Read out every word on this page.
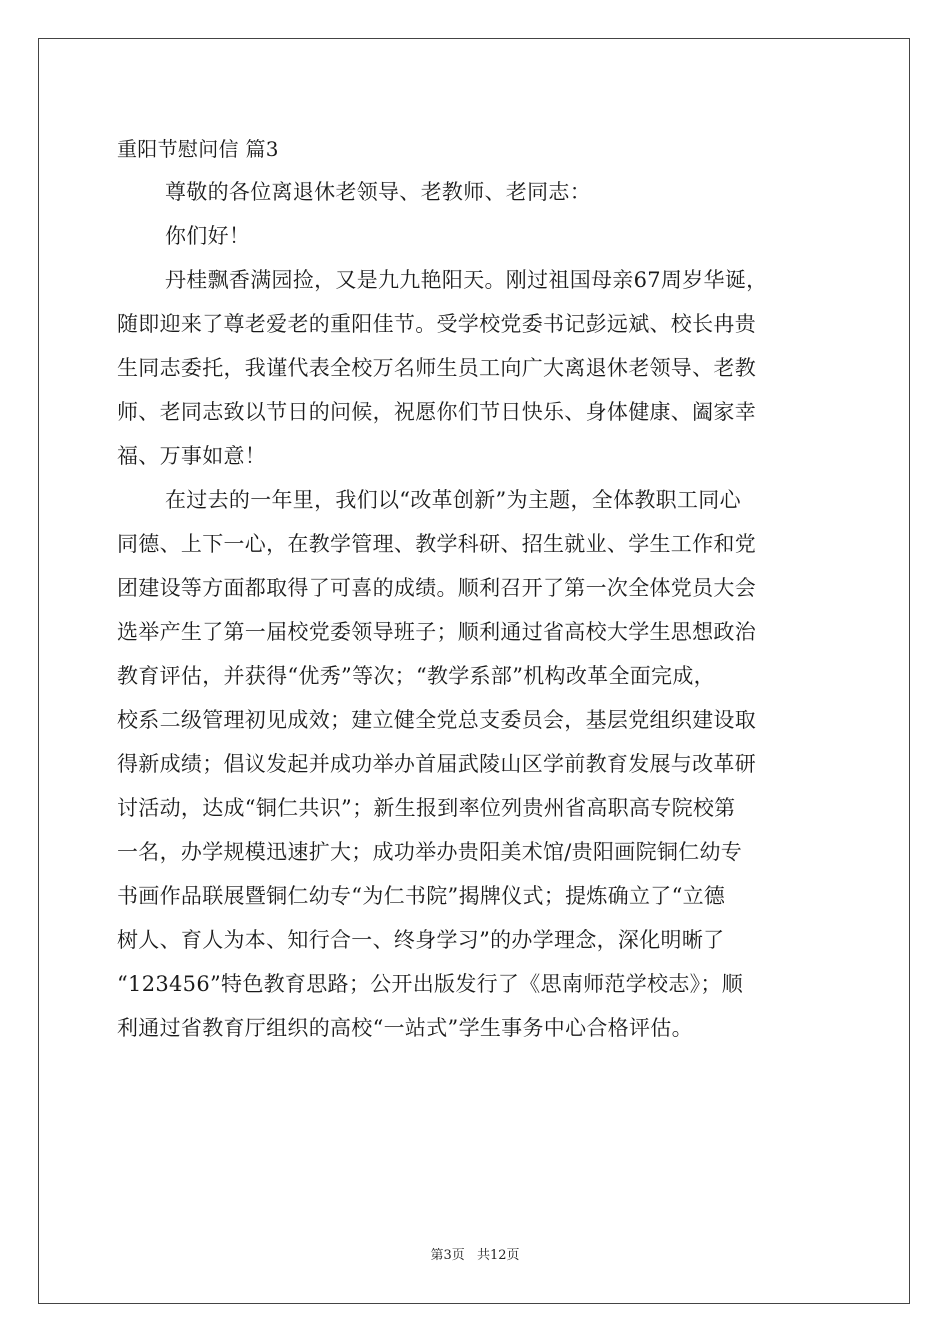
重阳节慰问信 篇3
尊敬的各位离退休老领导、老教师、老同志：
你们好！
丹桂飘香满园捡，又是九九艳阳天。刚过祖国母亲67周岁华诞，
随即迎来了尊老爱老的重阳佳节。受学校党委书记彭远斌、校长冉贵
生同志委托，我谨代表全校万名师生员工向广大离退休老领导、老教
师、老同志致以节日的问候，祝愿你们节日快乐、身体健康、阖家幸
福、万事如意！
在过去的一年里，我们以“改革创新”为主题，全体教职工同心
同德、上下一心，在教学管理、教学科研、招生就业、学生工作和党
团建设等方面都取得了可喜的成绩。顺利召开了第一次全体党员大会
选举产生了第一届校党委领导班子；顺利通过省高校大学生思想政治
教育评估，并获得“优秀”等次；“教学系部”机构改革全面完成，
校系二级管理初见成效；建立健全党总支委员会，基层党组织建设取
得新成绩；倡议发起并成功举办首届武陵山区学前教育发展与改革研
讨活动，达成“铜仁共识”；新生报到率位列贵州省高职高专院校第
一名，办学规模迅速扩大；成功举办贵阳美术馆/贵阳画院铜仁幼专
书画作品联展暨铜仁幼专“为仁书院”揭牌仪式；提炼确立了“立德
树人、育人为本、知行合一、终身学习”的办学理念，深化明晰了
“123456”特色教育思路；公开出版发行了《思南师范学校志》；顺
利通过省教育厅组织的高校“一站式”学生事务中心合格评估。
第3页 共12页
